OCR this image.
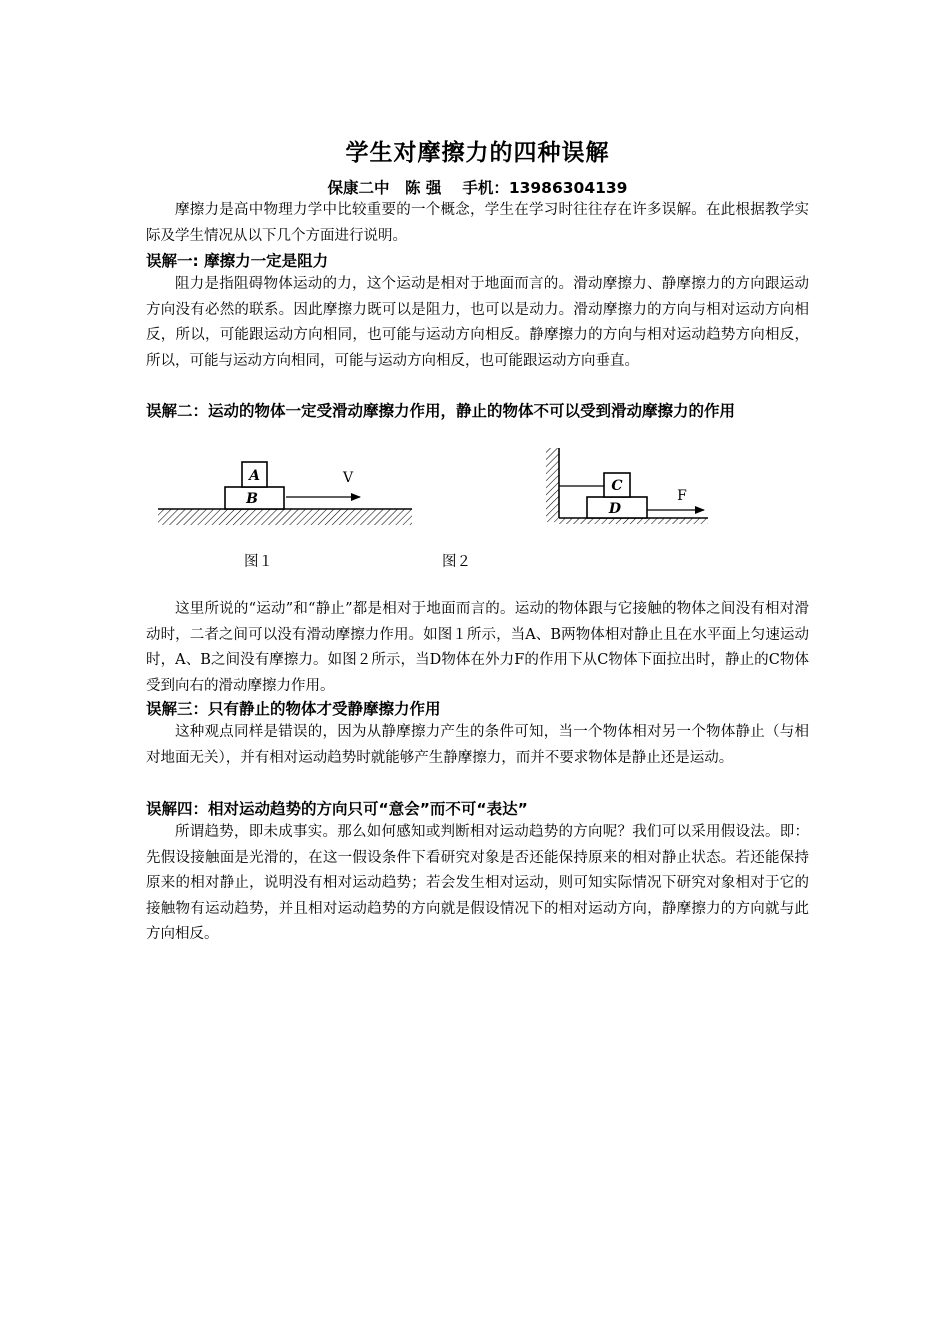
学生对摩擦力的四种误解
保康二中　陈 强　 手机：13986304139

摩擦力是高中物理力学中比较重要的一个概念，学生在学习时往往存在许多误解。在此根据教学实际及学生情况从以下几个方面进行说明。

误解一: 摩擦力一定是阻力

阻力是指阻碍物体运动的力，这个运动是相对于地面而言的。滑动摩擦力、静摩擦力的方向跟运动方向没有必然的联系。因此摩擦力既可以是阻力，也可以是动力。滑动摩擦力的方向与相对运动方向相反，所以，可能跟运动方向相同，也可能与运动方向相反。静摩擦力的方向与相对运动趋势方向相反，所以，可能与运动方向相同，可能与运动方向相反，也可能跟运动方向垂直。

误解二：运动的物体一定受滑动摩擦力作用，静止的物体不可以受到滑动摩擦力的作用
A
B
V	C
D
F
图１	图２

这里所说的“运动”和“静止”都是相对于地面而言的。运动的物体跟与它接触的物体之间没有相对滑动时，二者之间可以没有滑动摩擦力作用。如图１所示，当A、B两物体相对静止且在水平面上匀速运动时，A、B之间没有摩擦力。如图２所示，当D物体在外力F的作用下从C物体下面拉出时，静止的C物体受到向右的滑动摩擦力作用。

误解三：只有静止的物体才受静摩擦力作用

这种观点同样是错误的，因为从静摩擦力产生的条件可知，当一个物体相对另一个物体静止（与相对地面无关），并有相对运动趋势时就能够产生静摩擦力，而并不要求物体是静止还是运动。

误解四：相对运动趋势的方向只可“意会”而不可“表达”

所谓趋势，即未成事实。那么如何感知或判断相对运动趋势的方向呢？我们可以采用假设法。即：先假设接触面是光滑的，在这一假设条件下看研究对象是否还能保持原来的相对静止状态。若还能保持原来的相对静止，说明没有相对运动趋势；若会发生相对运动，则可知实际情况下研究对象相对于它的接触物有运动趋势，并且相对运动趋势的方向就是假设情况下的相对运动方向，静摩擦力的方向就与此方向相反。
